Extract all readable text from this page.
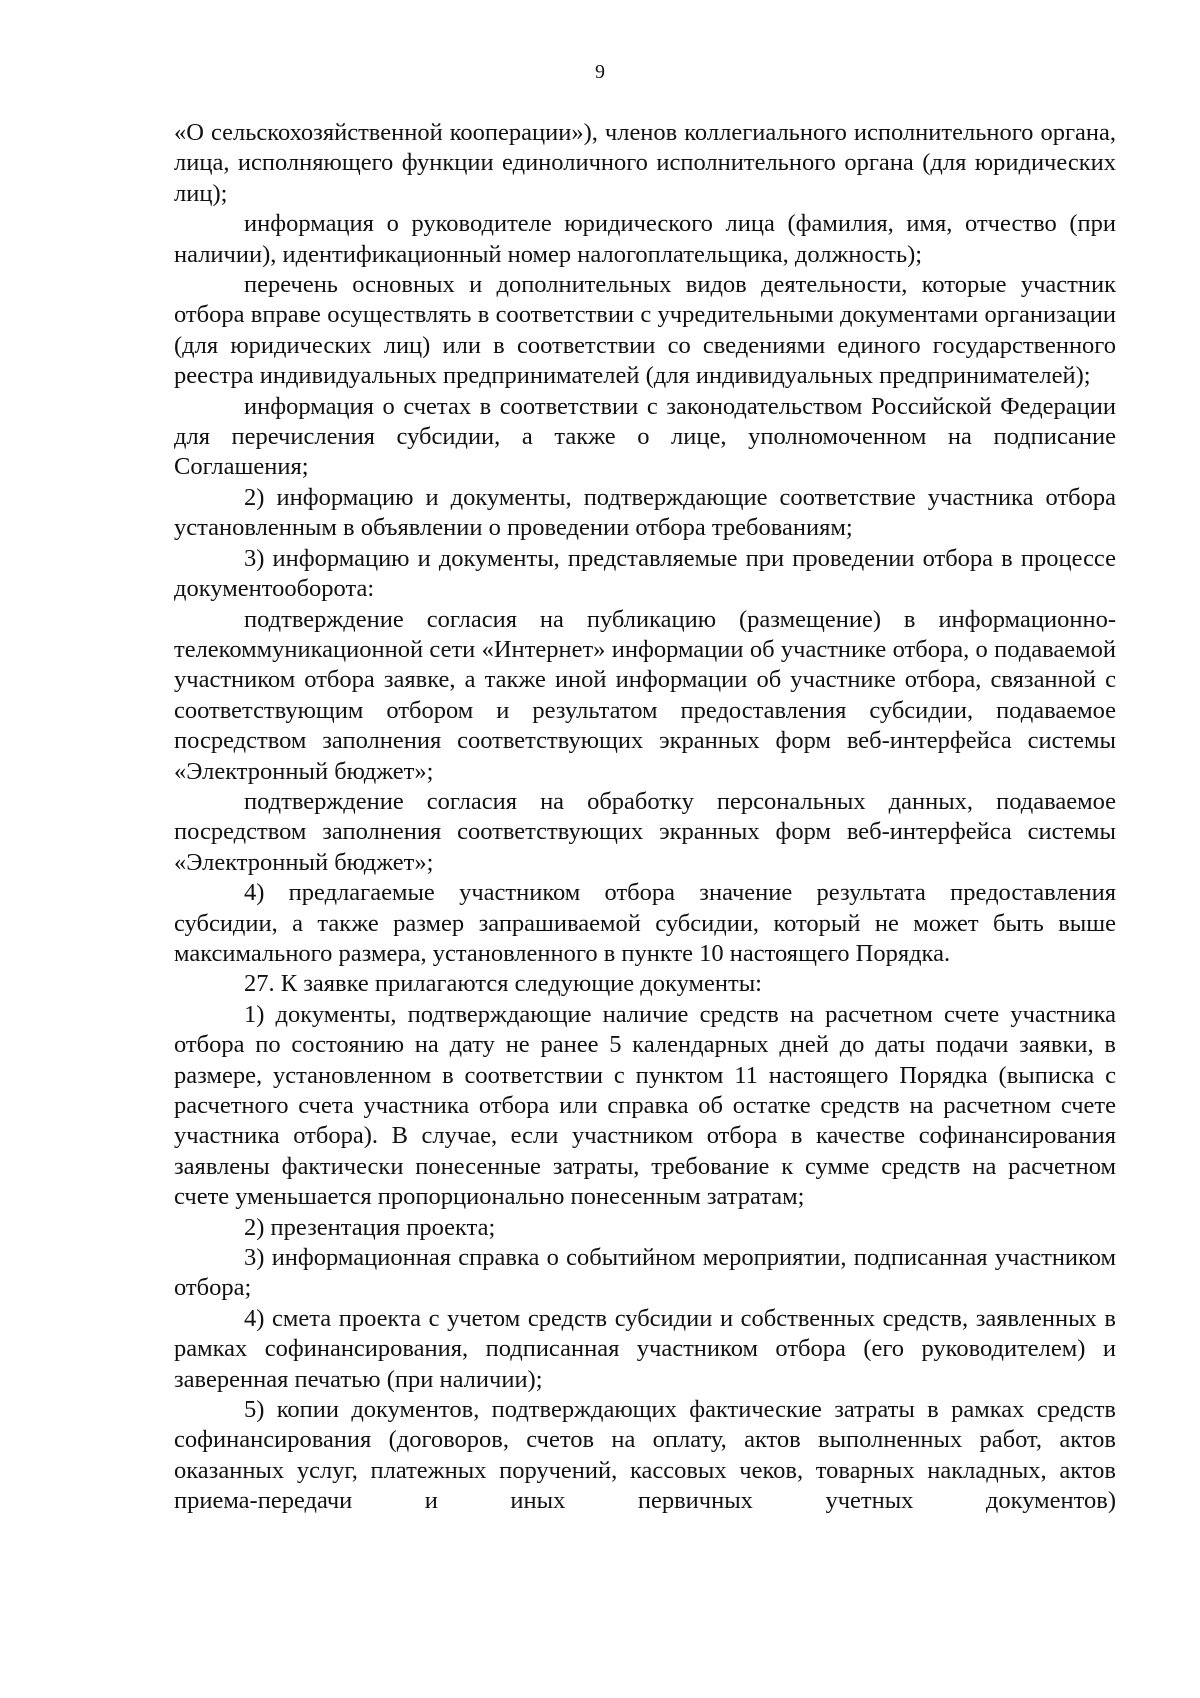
9

«О сельскохозяйственной кооперации»), членов коллегиального исполнительного органа, лица, исполняющего функции единоличного исполнительного органа (для юридических лиц);

информация о руководителе юридического лица (фамилия, имя, отчество (при наличии), идентификационный номер налогоплательщика, должность);

перечень основных и дополнительных видов деятельности, которые участник отбора вправе осуществлять в соответствии с учредительными документами организации (для юридических лиц) или в соответствии со сведениями единого государственного реестра индивидуальных предпринимателей (для индивидуальных предпринимателей);

информация о счетах в соответствии с законодательством Российской Федерации для перечисления субсидии, а также о лице, уполномоченном на подписание Соглашения;

2) информацию и документы, подтверждающие соответствие участника отбора установленным в объявлении о проведении отбора требованиям;

3) информацию и документы, представляемые при проведении отбора в процессе документооборота:

подтверждение согласия на публикацию (размещение) в информационно-телекоммуникационной сети «Интернет» информации об участнике отбора, о подаваемой участником отбора заявке, а также иной информации об участнике отбора, связанной с соответствующим отбором и результатом предоставления субсидии, подаваемое посредством заполнения соответствующих экранных форм веб-интерфейса системы «Электронный бюджет»;

подтверждение согласия на обработку персональных данных, подаваемое посредством заполнения соответствующих экранных форм веб-интерфейса системы «Электронный бюджет»;

4) предлагаемые участником отбора значение результата предоставления субсидии, а также размер запрашиваемой субсидии, который не может быть выше максимального размера, установленного в пункте 10 настоящего Порядка.

27. К заявке прилагаются следующие документы:

1) документы, подтверждающие наличие средств на расчетном счете участника отбора по состоянию на дату не ранее 5 календарных дней до даты подачи заявки, в размере, установленном в соответствии с пунктом 11 настоящего Порядка (выписка с расчетного счета участника отбора или справка об остатке средств на расчетном счете участника отбора). В случае, если участником отбора в качестве софинансирования заявлены фактически понесенные затраты, требование к сумме средств на расчетном счете уменьшается пропорционально понесенным затратам;

2) презентация проекта;

3) информационная справка о событийном мероприятии, подписанная участником отбора;

4) смета проекта с учетом средств субсидии и собственных средств, заявленных в рамках софинансирования, подписанная участником отбора (его руководителем) и заверенная печатью (при наличии);

5) копии документов, подтверждающих фактические затраты в рамках средств софинансирования (договоров, счетов на оплату, актов выполненных работ, актов оказанных услуг, платежных поручений, кассовых чеков, товарных накладных, актов приема-передачи и иных первичных учетных документов)
